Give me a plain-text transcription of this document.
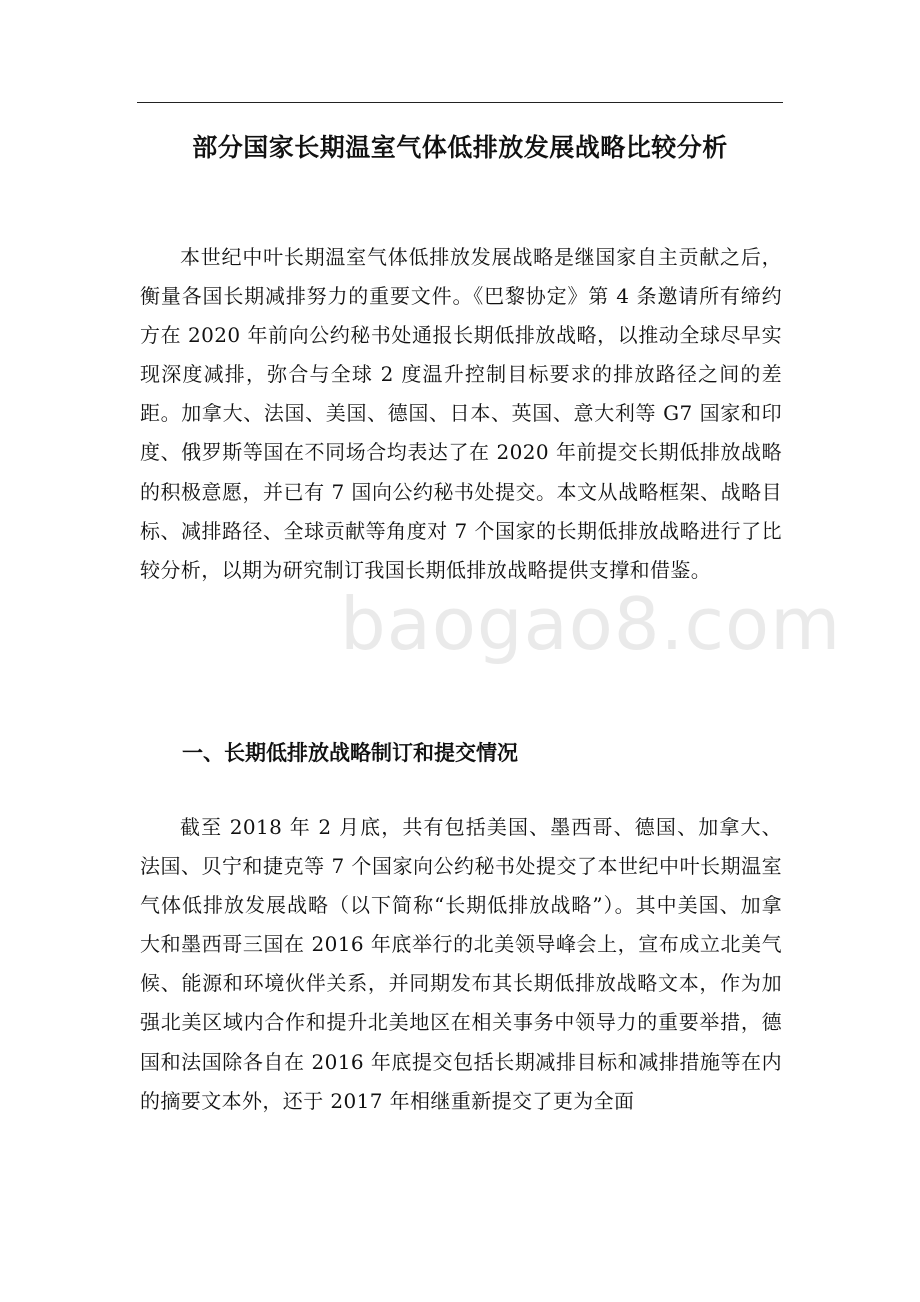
部分国家长期温室气体低排放发展战略比较分析

本世纪中叶长期温室气体低排放发展战略是继国家自主贡献之后，衡量各国长期减排努力的重要文件。《巴黎协定》第 4 条邀请所有缔约方在 2020 年前向公约秘书处通报长期低排放战略，以推动全球尽早实现深度减排，弥合与全球 2 度温升控制目标要求的排放路径之间的差距。加拿大、法国、美国、德国、日本、英国、意大利等 G7 国家和印度、俄罗斯等国在不同场合均表达了在 2020 年前提交长期低排放战略的积极意愿，并已有 7 国向公约秘书处提交。本文从战略框架、战略目标、减排路径、全球贡献等角度对 7 个国家的长期低排放战略进行了比较分析，以期为研究制订我国长期低排放战略提供支撑和借鉴。

一、长期低排放战略制订和提交情况

截至 2018 年 2 月底，共有包括美国、墨西哥、德国、加拿大、法国、贝宁和捷克等 7 个国家向公约秘书处提交了本世纪中叶长期温室气体低排放发展战略（以下简称“长期低排放战略”）。其中美国、加拿大和墨西哥三国在 2016 年底举行的北美领导峰会上，宣布成立北美气候、能源和环境伙伴关系，并同期发布其长期低排放战略文本，作为加强北美区域内合作和提升北美地区在相关事务中领导力的重要举措，德国和法国除各自在 2016 年底提交包括长期减排目标和减排措施等在内的摘要文本外，还于 2017 年相继重新提交了更为全面

baogao8.com
